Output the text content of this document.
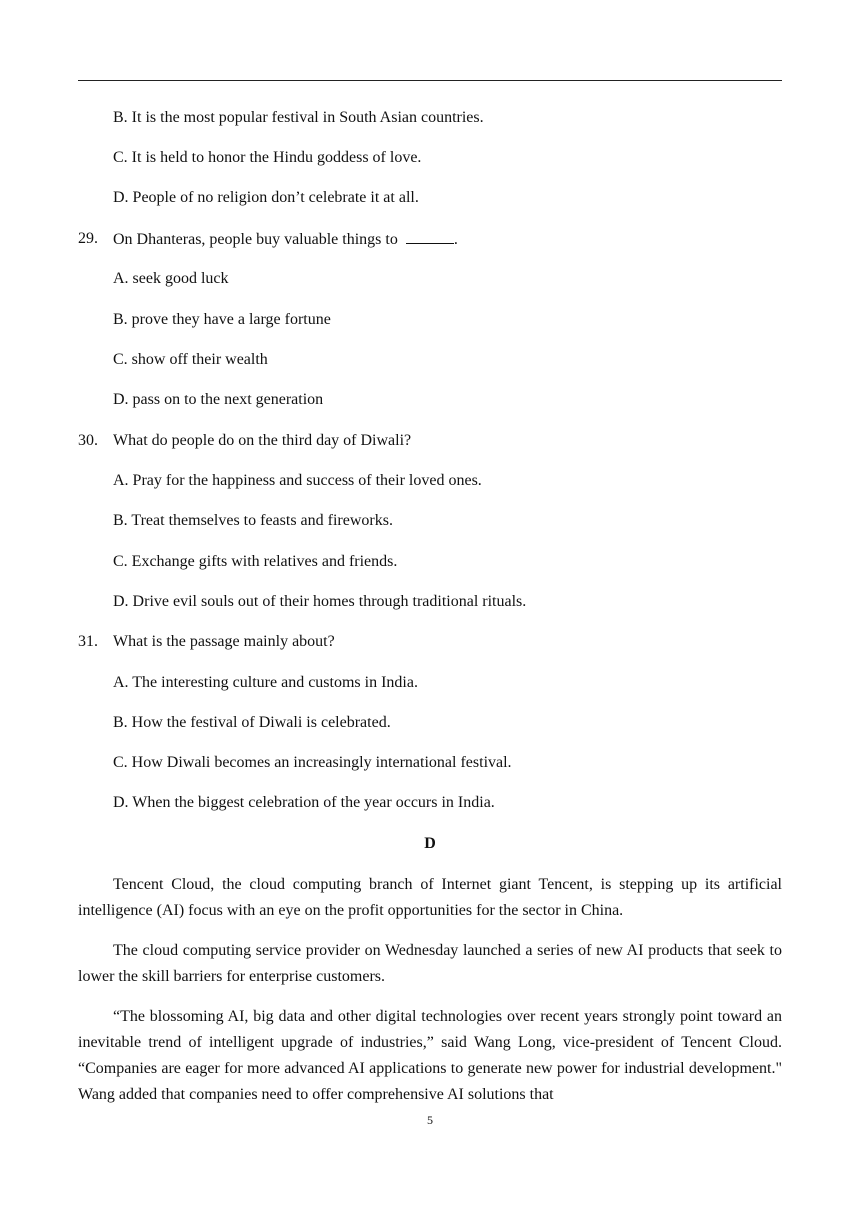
B. It is the most popular festival in South Asian countries.
C. It is held to honor the Hindu goddess of love.
D. People of no religion don’t celebrate it at all.
29. On Dhanteras, people buy valuable things to	.
A. seek good luck
B. prove they have a large fortune
C. show off their wealth
D. pass on to the next generation
30. What do people do on the third day of Diwali?
A. Pray for the happiness and success of their loved ones.
B. Treat themselves to feasts and fireworks.
C. Exchange gifts with relatives and friends.
D. Drive evil souls out of their homes through traditional rituals.
31. What is the passage mainly about?
A. The interesting culture and customs in India.
B. How the festival of Diwali is celebrated.
C. How Diwali becomes an increasingly international festival.
D. When the biggest celebration of the year occurs in India.
D
Tencent Cloud, the cloud computing branch of Internet giant Tencent, is stepping up its artificial intelligence (AI) focus with an eye on the profit opportunities for the sector in China.
The cloud computing service provider on Wednesday launched a series of new AI products that seek to lower the skill barriers for enterprise customers.
“The blossoming AI, big data and other digital technologies over recent years strongly point toward an inevitable trend of intelligent upgrade of industries,” said Wang Long, vice-president of Tencent Cloud. “Companies are eager for more advanced AI applications to generate new power for industrial development." Wang added that companies need to offer comprehensive AI solutions that
5
